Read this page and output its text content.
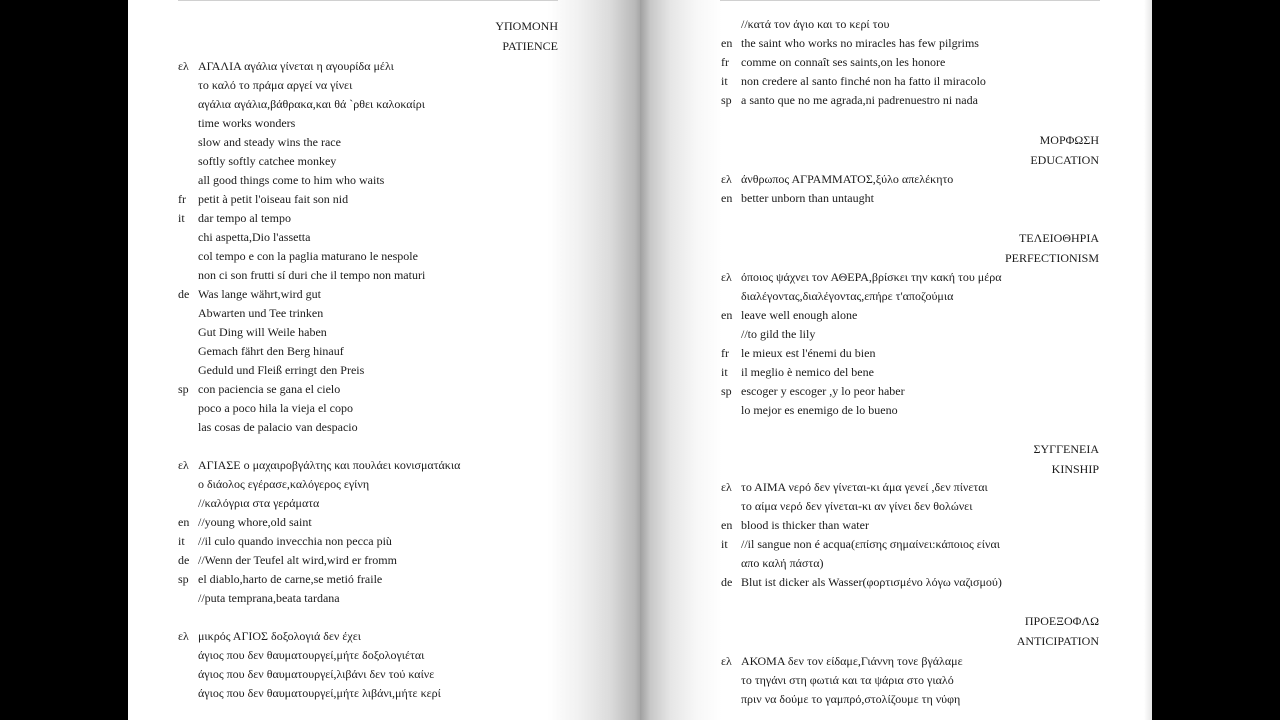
ΥΠΟΜΟΝΗ
PATIENCE
ελ ΑΓΑΛΙΑ αγάλια γίνεται η αγουρίδα μέλι
το καλό το πράμα αργεί να γίνει
αγάλια αγάλια,βάθρακα,και θά `ρθει καλοκαίρι
time works wonders
slow and steady wins the race
softly softly catchee monkey
all good things come to him who waits
fr petit à petit l'oiseau fait son nid
it dar tempo al tempo
chi aspetta,Dio l'assetta
col tempo e con la paglia maturano le nespole
non ci son frutti sí duri che il tempo non maturi
de Was lange währt,wird gut
Abwarten und Tee trinken
Gut Ding will Weile haben
Gemach fährt den Berg hinauf
Geduld und Fleiß erringt den Preis
sp con paciencia se gana el cielo
poco a poco hila la vieja el copo
las cosas de palacio van despacio
ελ ΑΓΙΑΣΕ ο μαχαιροβγάλτης και πουλάει κονισματάκια
ο διάολος εγέρασε,καλόγερος εγίνη
//καλόγρια στα γεράματα
en //young whore,old saint
it //il culo quando invecchia non pecca più
de //Wenn der Teufel alt wird,wird er fromm
sp el diablo,harto de carne,se metió fraile
//puta temprana,beata tardana
ελ μικρός ΑΓΙΟΣ δοξολογιά δεν έχει
άγιος που δεν θαυματουργεί,μήτε δοξολογιέται
άγιος που δεν θαυματουργεί,λιβάνι δεν τού καίνε
άγιος που δεν θαυματουργεί,μήτε λιβάνι,μήτε κερί
//κατά τον άγιο και το κερί του
en the saint who works no miracles has few pilgrims
fr comme on connaît ses saints,on les honore
it non credere al santo finché non ha fatto il miracolo
sp a santo que no me agrada,ni padrenuestro ni nada
ΜΟΡΦΩΣΗ
EDUCATION
ελ άνθρωπος ΑΓΡΑΜΜΑΤΟΣ,ξύλο απελέκητο
en better unborn than untaught
ΤΕΛΕΙΟΘΗΡΙΑ
PERFECTIONISM
ελ όποιος ψάχνει τον ΑΘΕΡΑ,βρίσκει την κακή του μέρα
διαλέγοντας,διαλέγοντας,επήρε τ'αποζούμια
en leave well enough alone
//to gild the lily
fr le mieux est l'énemi du bien
it il meglio è nemico del bene
sp escoger y escoger ,y lo peor haber
lo mejor es enemigo de lo bueno
ΣΥΓΓΕΝΕΙΑ
KINSHIP
ελ το ΑΙΜΑ νερό δεν γίνεται-κι άμα γενεί ,δεν πίνεται
το αίμα νερό δεν γίνεται-κι αν γίνει δεν θολώνει
en blood is thicker than water
it //il sangue non é acqua(επίσης σημαίνει:κάποιος είναι
απο καλή πάστα)
de Blut ist dicker als Wasser(φορτισμένο λόγω ναζισμού)
ΠΡΟΕΞΟΦΛΩ
ANTICIPATION
ελ ΑΚΟΜΑ δεν τον είδαμε,Γιάννη τονε βγάλαμε
το τηγάνι στη φωτιά και τα ψάρια στο γιαλό
πριν να δούμε το γαμπρό,στολίζουμε τη νύφη
